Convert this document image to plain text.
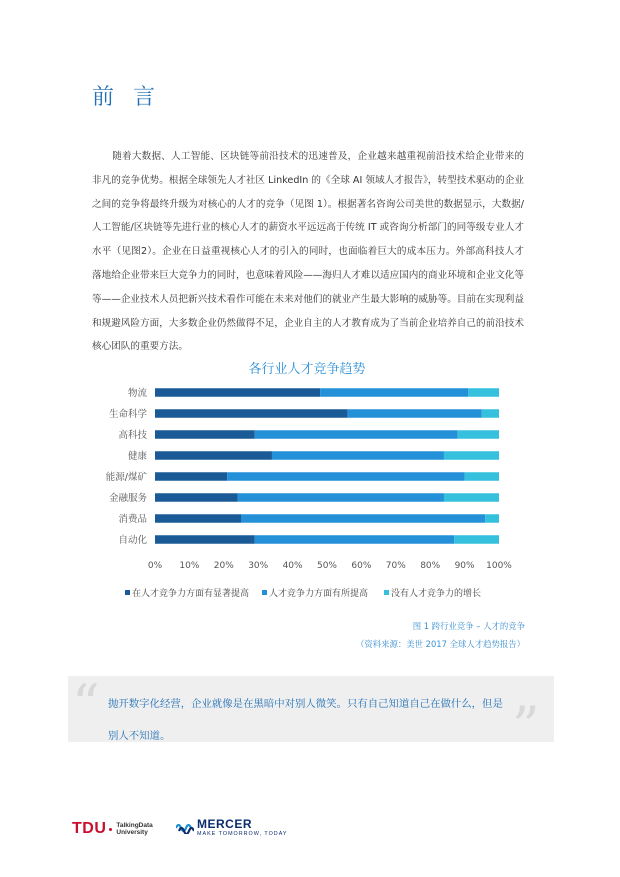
前 言

随着大数据、人工智能、区块链等前沿技术的迅速普及，企业越来越重视前沿技术给企业带来的非凡的竞争优势。根据全球领先人才社区 LinkedIn 的《全球 AI 领域人才报告》，转型技术驱动的企业之间的竞争将最终升级为对核心的人才的竞争（见图 1）。根据著名咨询公司美世的数据显示，大数据/人工智能/区块链等先进行业的核心人才的薪资水平远远高于传统 IT 或咨询分析部门的同等级专业人才水平（见图2）。企业在日益重视核心人才的引入的同时，也面临着巨大的成本压力。外部高科技人才落地给企业带来巨大竞争力的同时，也意味着风险——海归人才难以适应国内的商业环境和企业文化等等——企业技术人员把新兴技术看作可能在未来对他们的就业产生最大影响的威胁等。目前在实现利益和规避风险方面，大多数企业仍然做得不足，企业自主的人才教育成为了当前企业培养自己的前沿技术核心团队的重要方法。

各行业人才竞争趋势
物流
生命科学
高科技
健康
能源/煤矿
金融服务
消费品
自动化
0% 10% 20% 30% 40% 50% 60% 70% 80% 90% 100%
在人才竞争力方面有显著提高 人才竞争力方面有所提高	没有人才竞争力的增长
图 1 跨行业竞争 – 人才的竞争
（资料来源：美世 2017 全球人才趋势报告）
“ 抛开数字化经营，企业就像是在黑暗中对别人微笑。只有自己知道自己在做什么，但是别人不知道。	”
TDU TalkingData
University
MERCER
MAKE TOMORROW, TODAY
